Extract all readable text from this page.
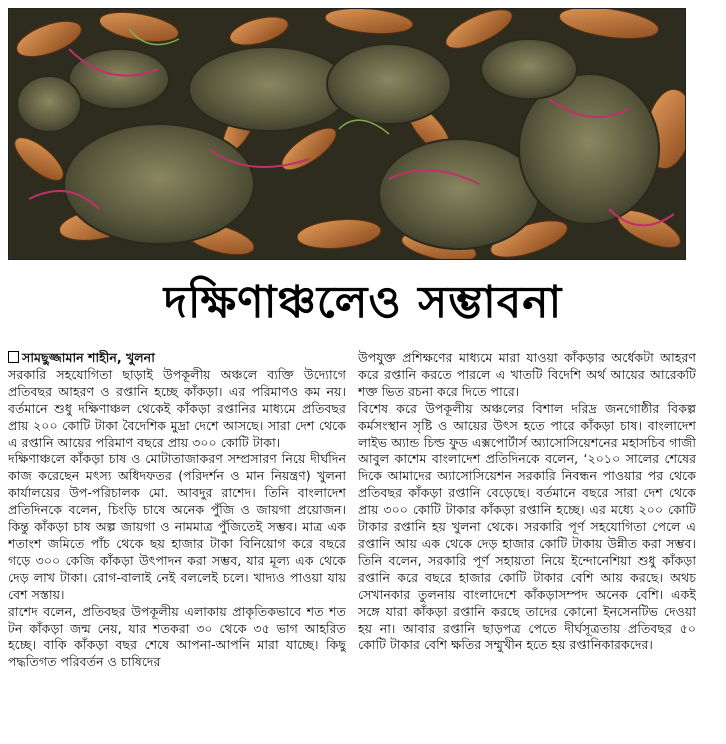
দক্ষিণাঞ্চলেও সম্ভাবনা

সামছুজ্জামান শাহীন, খুলনা

সরকারি সহযোগিতা ছাড়াই উপকূলীয় অঞ্চলে ব্যক্তি উদ্যোগে প্রতিবছর আহরণ ও রপ্তানি হচ্ছে কাঁকড়া। এর পরিমাণও কম নয়। বর্তমানে শুধু দক্ষিণাঞ্চল থেকেই কাঁকড়া রপ্তানির মাধ্যমে প্রতিবছর প্রায় ২০০ কোটি টাকা বৈদেশিক মুদ্রা দেশে আসছে। সারা দেশ থেকে এ রপ্তানি আয়ের পরিমাণ বছরে প্রায় ৩০০ কোটি টাকা।

দক্ষিণাঞ্চলে কাঁকড়া চাষ ও মোটাতাজাকরণ সম্প্রসারণ নিয়ে দীর্ঘদিন কাজ করেছেন মৎস্য অধিদফতর (পরিদর্শন ও মান নিয়ন্ত্রণ) খুলনা কার্যালয়ের উপ-পরিচালক মো. আবদুর রাশেদ। তিনি বাংলাদেশ প্রতিদিনকে বলেন, চিংড়ি চাষে অনেক পুঁজি ও জায়গা প্রয়োজন। কিন্তু কাঁকড়া চাষ অল্প জায়গা ও নামমাত্র পুঁজিতেই সম্ভব। মাত্র এক শতাংশ জমিতে পাঁচ থেকে ছয় হাজার টাকা বিনিয়োগ করে বছরে গড়ে ৩০০ কেজি কাঁকড়া উৎপাদন করা সম্ভব, যার মূল্য এক থেকে দেড় লাখ টাকা। রোগ-বালাই নেই বললেই চলে। খাদ্যও পাওয়া যায় বেশ সস্তায়।

রাশেদ বলেন, প্রতিবছর উপকূলীয় এলাকায় প্রাকৃতিকভাবে শত শত টন কাঁকড়া জন্ম নেয়, যার শতকরা ৩০ থেকে ৩৫ ভাগ আহরিত হচ্ছে। বাকি কাঁকড়া বছর শেষে আপনা-আপনি মারা যাচ্ছে। কিছু পদ্ধতিগত পরিবর্তন ও চাষিদের

উপযুক্ত প্রশিক্ষণের মাধ্যমে মারা যাওয়া কাঁকড়ার অর্ধেকটা আহরণ করে রপ্তানি করতে পারলে এ খাতটি বিদেশি অর্থ আয়ের আরেকটি শক্ত ভিত রচনা করে দিতে পারে।

বিশেষ করে উপকূলীয় অঞ্চলের বিশাল দরিদ্র জনগোষ্ঠীর বিকল্প কর্মসংস্থান সৃষ্টি ও আয়ের উৎস হতে পারে কাঁকড়া চাষ। বাংলাদেশ লাইভ অ্যান্ড চিল্ড ফুড এক্সপোর্টার্স অ্যাসোসিয়েশনের মহাসচিব গাজী আবুল কাশেম বাংলাদেশ প্রতিদিনকে বলেন, ‘২০১০ সালের শেষের দিকে আমাদের অ্যাসোসিয়েশন সরকারি নিবন্ধন পাওয়ার পর থেকে প্রতিবছর কাঁকড়া রপ্তানি বেড়েছে। বর্তমানে বছরে সারা দেশ থেকে প্রায় ৩০০ কোটি টাকার কাঁকড়া রপ্তানি হচ্ছে। এর মধ্যে ২০০ কোটি টাকার রপ্তানি হয় খুলনা থেকে। সরকারি পূর্ণ সহযোগিতা পেলে এ রপ্তানি আয় এক থেকে দেড় হাজার কোটি টাকায় উন্নীত করা সম্ভব। তিনি বলেন, সরকারি পূর্ণ সহায়তা নিয়ে ইন্দোনেশিয়া শুধু কাঁকড়া রপ্তানি করে বছরে হাজার কোটি টাকার বেশি আয় করছে। অথচ সেখানকার তুলনায় বাংলাদেশে কাঁকড়াসম্পদ অনেক বেশি। একই সঙ্গে যারা কাঁকড়া রপ্তানি করছে তাদের কোনো ইনসেনটিভ দেওয়া হয় না। আবার রপ্তানি ছাড়পত্র পেতে দীর্ঘসূত্রতায় প্রতিবছর ৫০ কোটি টাকার বেশি ক্ষতির সম্মুখীন হতে হয় রপ্তানিকারকদের।
